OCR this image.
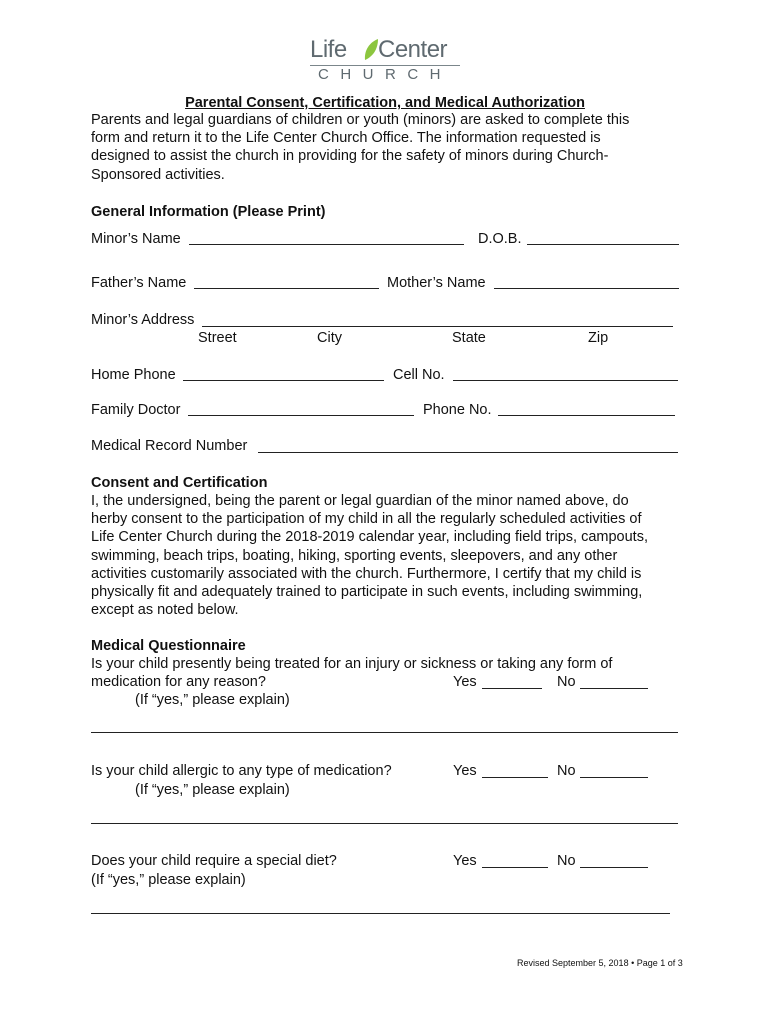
Life Center
CHURCH
Parental Consent, Certification, and Medical Authorization
Parents and legal guardians of children or youth (minors) are asked to complete this
form and return it to the Life Center Church Office. The information requested is
designed to assist the church in providing for the safety of minors during Church-
Sponsored activities.
General Information (Please Print)
Minor’s Name	D.O.B.
Father’s Name	Mother’s Name
Minor’s Address
Street	City	State	Zip
Home Phone	Cell No.
Family Doctor	Phone No.
Medical Record Number
Consent and Certification
I, the undersigned, being the parent or legal guardian of the minor named above, do
herby consent to the participation of my child in all the regularly scheduled activities of
Life Center Church during the 2018-2019 calendar year, including field trips, campouts,
swimming, beach trips, boating, hiking, sporting events, sleepovers, and any other
activities customarily associated with the church. Furthermore, I certify that my child is
physically fit and adequately trained to participate in such events, including swimming,
except as noted below.
Medical Questionnaire
Is your child presently being treated for an injury or sickness or taking any form of
medication for any reason?	Yes	No
(If “yes,” please explain)
Is your child allergic to any type of medication?	Yes	No
(If “yes,” please explain)
Does your child require a special diet?	Yes	No
(If “yes,” please explain)
Revised September 5, 2018 • Page 1 of 3
